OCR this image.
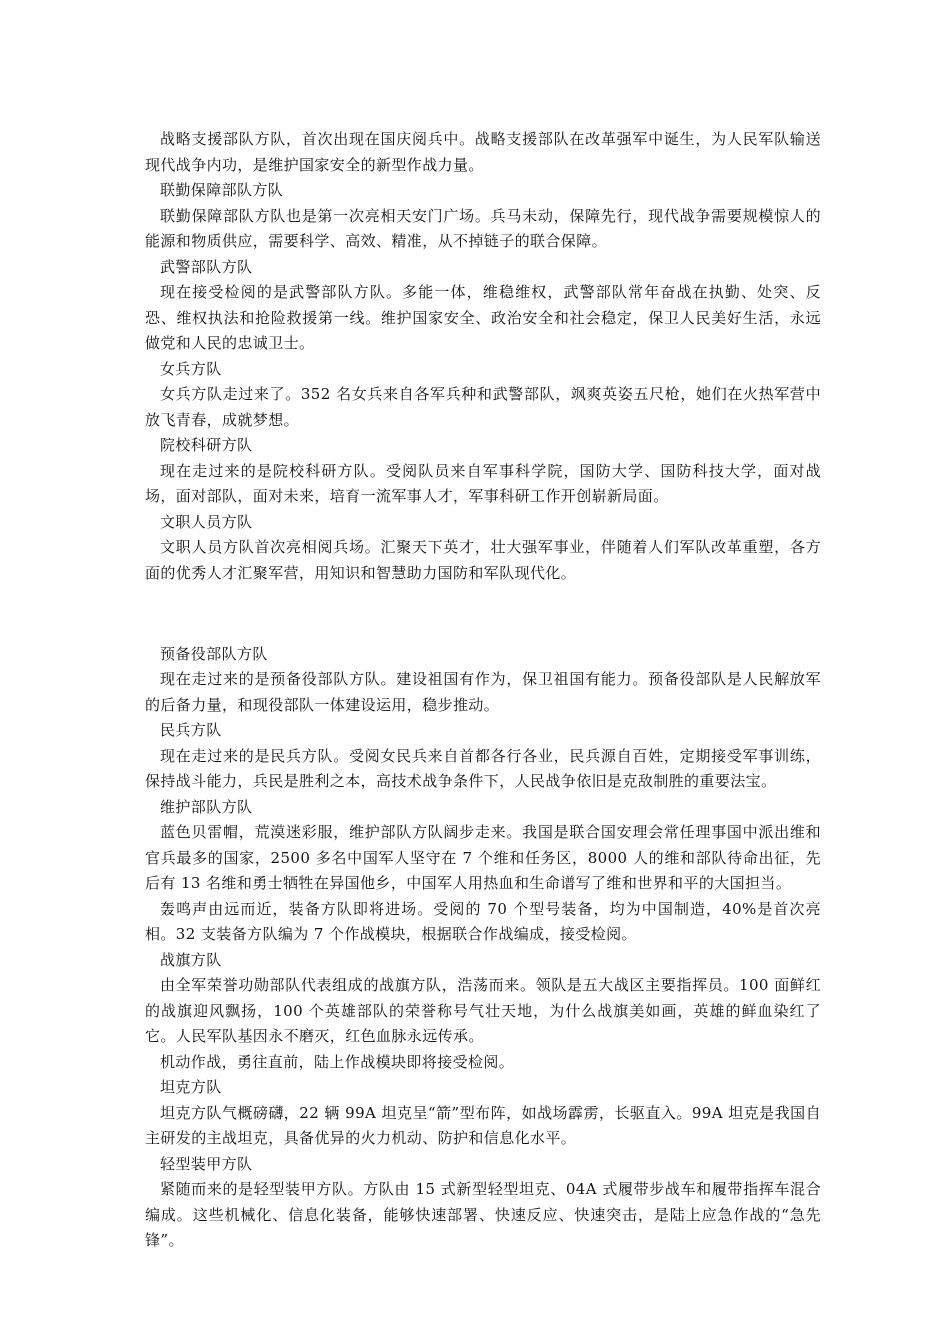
战略支援部队方队，首次出现在国庆阅兵中。战略支援部队在改革强军中诞生，为人民军队输送现代战争内功，是维护国家安全的新型作战力量。

联勤保障部队方队

联勤保障部队方队也是第一次亮相天安门广场。兵马未动，保障先行，现代战争需要规模惊人的能源和物质供应，需要科学、高效、精准，从不掉链子的联合保障。

武警部队方队

现在接受检阅的是武警部队方队。多能一体，维稳维权，武警部队常年奋战在执勤、处突、反恐、维权执法和抢险救援第一线。维护国家安全、政治安全和社会稳定，保卫人民美好生活，永远做党和人民的忠诚卫士。

女兵方队

女兵方队走过来了。352 名女兵来自各军兵种和武警部队，飒爽英姿五尺枪，她们在火热军营中放飞青春，成就梦想。

院校科研方队

现在走过来的是院校科研方队。受阅队员来自军事科学院，国防大学、国防科技大学，面对战场，面对部队，面对未来，培育一流军事人才，军事科研工作开创崭新局面。

文职人员方队

文职人员方队首次亮相阅兵场。汇聚天下英才，壮大强军事业，伴随着人们军队改革重塑，各方面的优秀人才汇聚军营，用知识和智慧助力国防和军队现代化。

预备役部队方队

现在走过来的是预备役部队方队。建设祖国有作为，保卫祖国有能力。预备役部队是人民解放军的后备力量，和现役部队一体建设运用，稳步推动。

民兵方队

现在走过来的是民兵方队。受阅女民兵来自首都各行各业，民兵源自百姓，定期接受军事训练，保持战斗能力，兵民是胜利之本，高技术战争条件下，人民战争依旧是克敌制胜的重要法宝。

维护部队方队

蓝色贝雷帽，荒漠迷彩服，维护部队方队阔步走来。我国是联合国安理会常任理事国中派出维和官兵最多的国家，2500 多名中国军人坚守在 7 个维和任务区，8000 人的维和部队待命出征，先后有 13 名维和勇士牺牲在异国他乡，中国军人用热血和生命谱写了维和世界和平的大国担当。

轰鸣声由远而近，装备方队即将进场。受阅的 70 个型号装备，均为中国制造，40%是首次亮相。32 支装备方队编为 7 个作战模块，根据联合作战编成，接受检阅。

战旗方队

由全军荣誉功勋部队代表组成的战旗方队，浩荡而来。领队是五大战区主要指挥员。100 面鲜红的战旗迎风飘扬，100 个英雄部队的荣誉称号气壮天地，为什么战旗美如画，英雄的鲜血染红了它。人民军队基因永不磨灭，红色血脉永远传承。

机动作战，勇往直前，陆上作战模块即将接受检阅。

坦克方队

坦克方队气概磅礴，22 辆 99A 坦克呈“箭”型布阵，如战场霹雳，长驱直入。99A 坦克是我国自主研发的主战坦克，具备优异的火力机动、防护和信息化水平。

轻型装甲方队

紧随而来的是轻型装甲方队。方队由 15 式新型轻型坦克、04A 式履带步战车和履带指挥车混合编成。这些机械化、信息化装备，能够快速部署、快速反应、快速突击，是陆上应急作战的“急先锋”。
